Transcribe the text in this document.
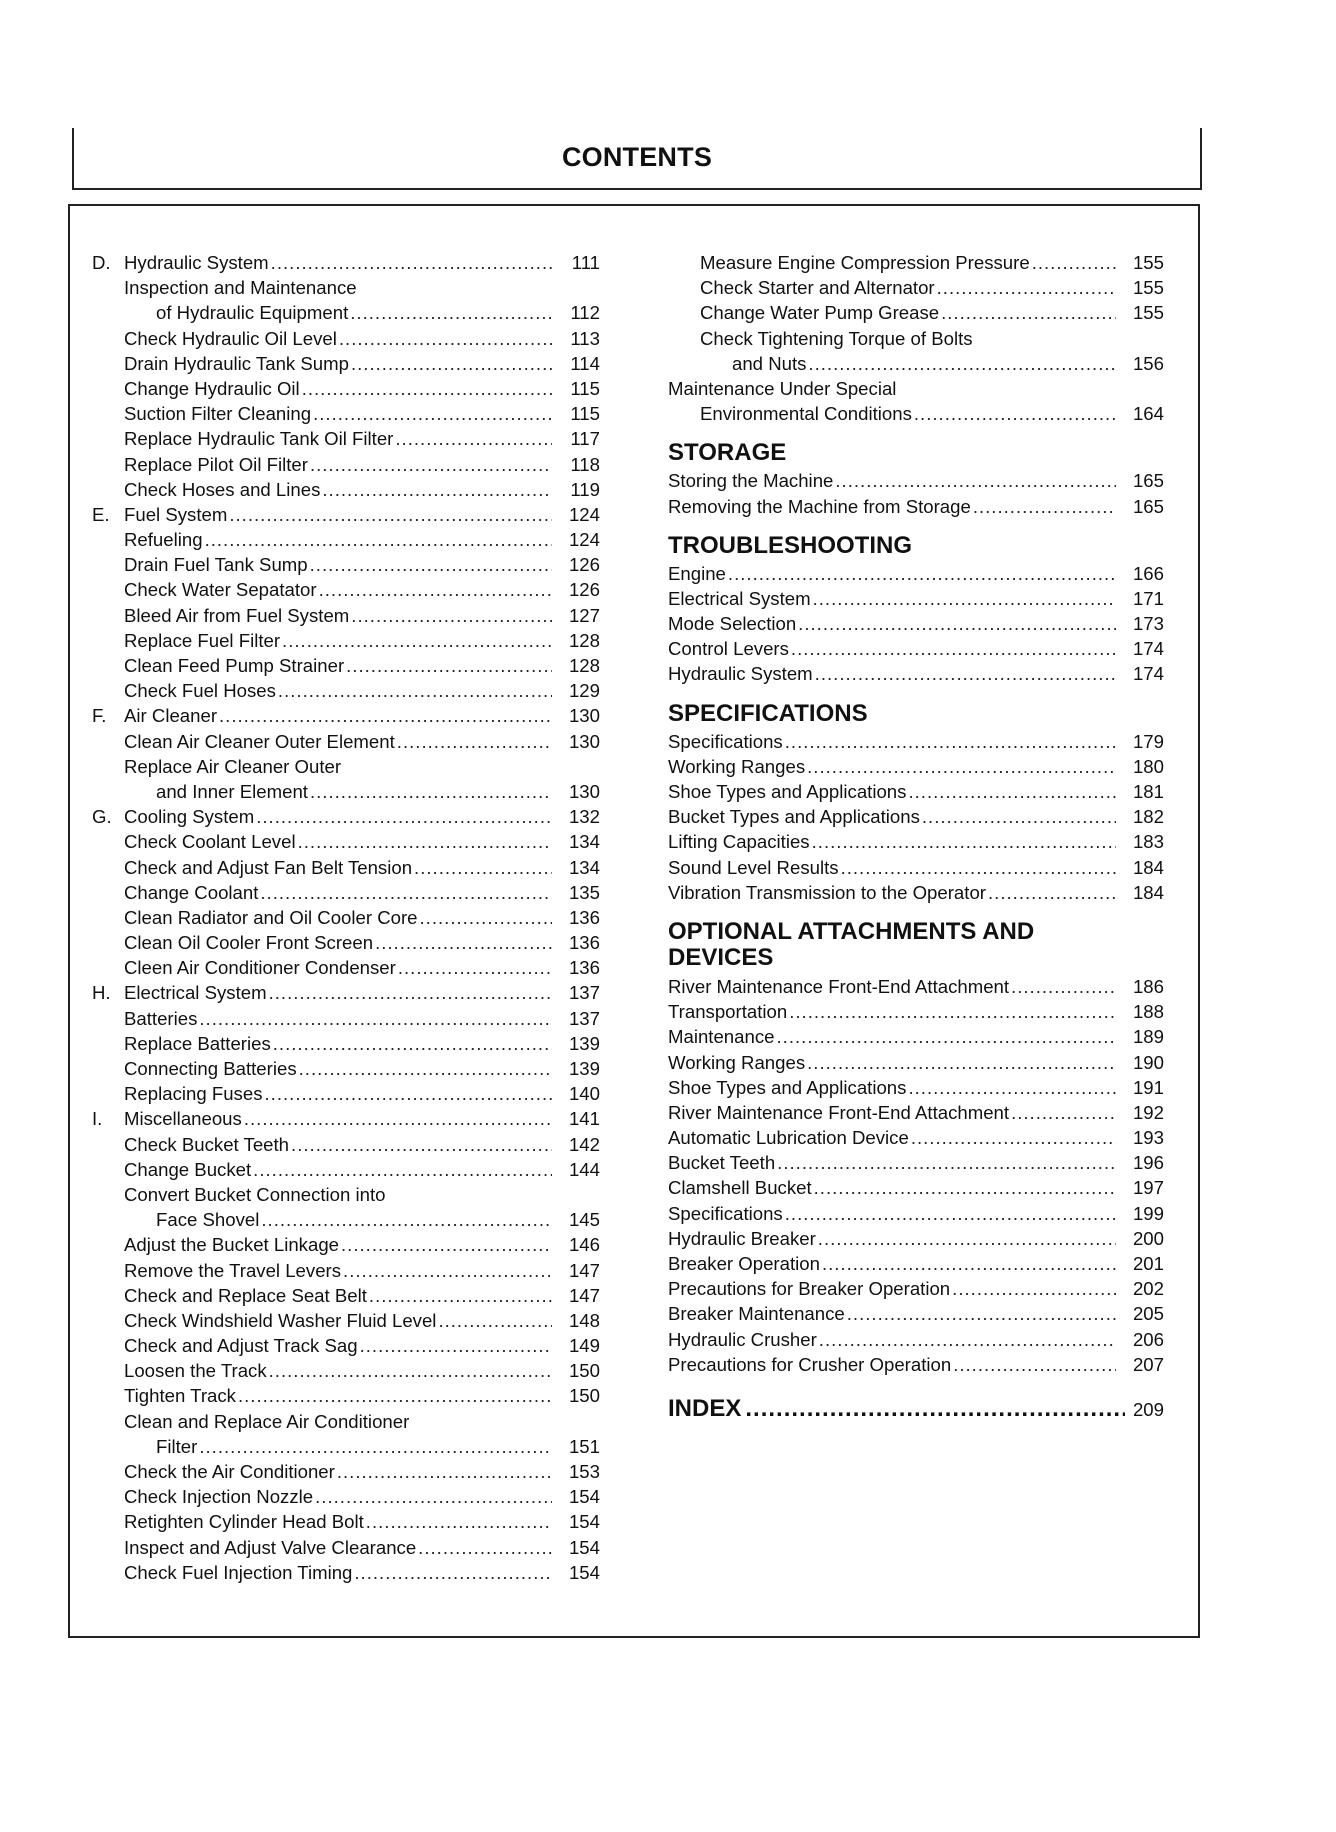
CONTENTS
D. Hydraulic System .....	111
Inspection and Maintenance
of Hydraulic Equipment .....	112
Check Hydraulic Oil Level .....	113
Drain Hydraulic Tank Sump .....	114
Change Hydraulic Oil .....	115
Suction Filter Cleaning .....	115
Replace Hydraulic Tank Oil Filter .....	117
Replace Pilot Oil Filter .....	118
Check Hoses and Lines .....	119
E. Fuel System .....	124
Refueling .....	124
Drain Fuel Tank Sump .....	126
Check Water Sepatator .....	126
Bleed Air from Fuel System .....	127
Replace Fuel Filter .....	128
Clean Feed Pump Strainer .....	128
Check Fuel Hoses .....	129
F. Air Cleaner .....	130
Clean Air Cleaner Outer Element .....	130
Replace Air Cleaner Outer
and Inner Element .....	130
G. Cooling System .....	132
Check Coolant Level .....	134
Check and Adjust Fan Belt Tension .....	134
Change Coolant .....	135
Clean Radiator and Oil Cooler Core .....	136
Clean Oil Cooler Front Screen .....	136
Cleen Air Conditioner Condenser .....	136
H. Electrical System .....	137
Batteries .....	137
Replace Batteries .....	139
Connecting Batteries .....	139
Replacing Fuses .....	140
I. Miscellaneous .....	141
Check Bucket Teeth .....	142
Change Bucket .....	144
Convert Bucket Connection into
Face Shovel .....	145
Adjust the Bucket Linkage .....	146
Remove the Travel Levers .....	147
Check and Replace Seat Belt .....	147
Check Windshield Washer Fluid Level .....	148
Check and Adjust Track Sag .....	149
Loosen the Track .....	150
Tighten Track .....	150
Clean and Replace Air Conditioner
Filter .....	151
Check the Air Conditioner .....	153
Check Injection Nozzle .....	154
Retighten Cylinder Head Bolt .....	154
Inspect and Adjust Valve Clearance .....	154
Check Fuel Injection Timing .....	154
Measure Engine Compression Pressure .....	155
Check Starter and Alternator .....	155
Change Water Pump Grease .....	155
Check Tightening Torque of Bolts
and Nuts .....	156
Maintenance Under Special
Environmental Conditions .....	164
STORAGE
Storing the Machine .....	165
Removing the Machine from Storage .....	165
TROUBLESHOOTING
Engine .....	166
Electrical System .....	171
Mode Selection .....	173
Control Levers .....	174
Hydraulic System .....	174
SPECIFICATIONS
Specifications .....	179
Working Ranges .....	180
Shoe Types and Applications .....	181
Bucket Types and Applications .....	182
Lifting Capacities .....	183
Sound Level Results .....	184
Vibration Transmission to the Operator .....	184
OPTIONAL ATTACHMENTS AND DEVICES
River Maintenance Front-End Attachment .....	186
Transportation .....	188
Maintenance .....	189
Working Ranges .....	190
Shoe Types and Applications .....	191
River Maintenance Front-End Attachment .....	192
Automatic Lubrication Device .....	193
Bucket Teeth .....	196
Clamshell Bucket .....	197
Specifications .....	199
Hydraulic Breaker .....	200
Breaker Operation .....	201
Precautions for Breaker Operation .....	202
Breaker Maintenance .....	205
Hydraulic Crusher .....	206
Precautions for Crusher Operation .....	207
INDEX .....	209
